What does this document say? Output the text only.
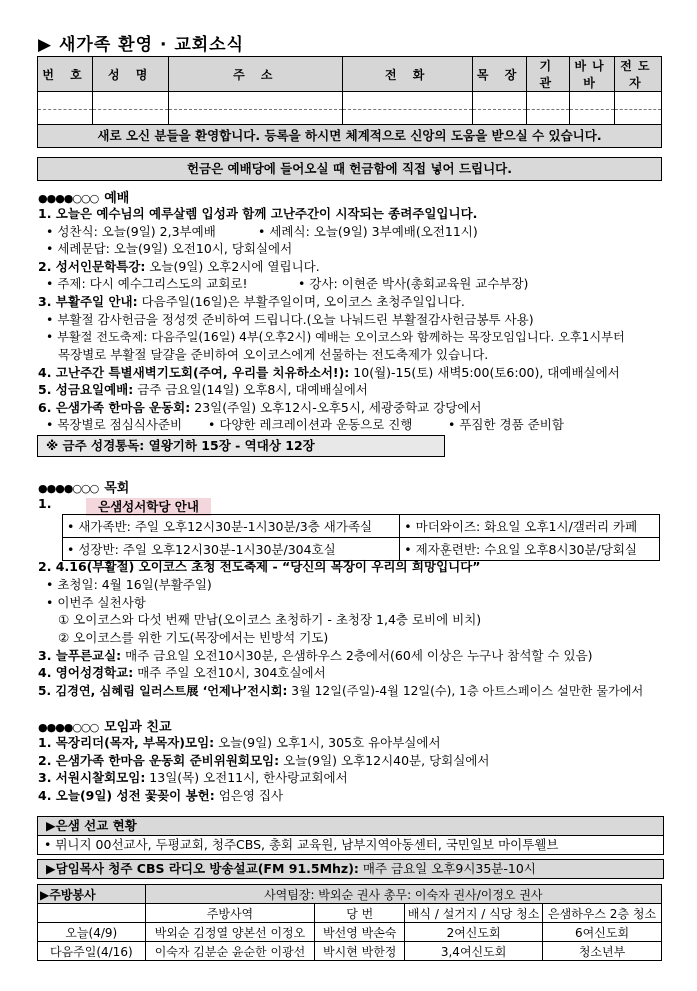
▶ 새가족 환영 · 교회소식
번 호	성 명	주 소	전 화	목 장	기 관	바나바	전도자

새로 오신 분들을 환영합니다. 등록을 하시면 체계적으로 신앙의 도움을 받으실 수 있습니다.
헌금은 예배당에 들어오실 때 헌금함에 직접 넣어 드립니다.
●●●●○○○ 예배
1. 오늘은 예수님의 예루살렘 입성과 함께 고난주간이 시작되는 종려주일입니다.
• 성찬식: 오늘(9일) 2,3부예배	• 세례식: 오늘(9일) 3부예배(오전11시)
• 세례문답: 오늘(9일) 오전10시, 당회실에서
2. 성서인문학특강: 오늘(9일) 오후2시에 열립니다.
• 주제: 다시 예수그리스도의 교회로!	• 강사: 이현준 박사(총회교육원 교수부장)
3. 부활주일 안내: 다음주일(16일)은 부활주일이며, 오이코스 초청주일입니다.
• 부활절 감사헌금을 정성껏 준비하여 드립니다.(오늘 나눠드린 부활절감사헌금봉투 사용)
• 부활절 전도축제: 다음주일(16일) 4부(오후2시) 예배는 오이코스와 함께하는 목장모임입니다. 오후1시부터
목장별로 부활절 달걀을 준비하여 오이코스에게 선물하는 전도축제가 있습니다.
4. 고난주간 특별새벽기도회(주여, 우리를 치유하소서!): 10(월)-15(토) 새벽5:00(토6:00), 대예배실에서
5. 성금요일예배: 금주 금요일(14일) 오후8시, 대예배실에서
6. 은샘가족 한마음 운동회: 23일(주일) 오후12시-오후5시, 세광중학교 강당에서
• 목장별로 점심식사준비 • 다양한 레크레이션과 운동으로 진행	• 푸짐한 경품 준비함
※ 금주 성경통독: 열왕기하 15장 - 역대상 12장
●●●●○○○ 목회
1.	은샘성서학당 안내
• 새가족반: 주일 오후12시30분-1시30분/3층 새가족실	• 마더와이즈: 화요일 오후1시/갤러리 카페
• 성장반: 주일 오후12시30분-1시30분/304호실	• 제자훈련반: 수요일 오후8시30분/당회실
2. 4.16(부활절) 오이코스 초청 전도축제 - “당신의 목장이 우리의 희망입니다”
• 초청일: 4월 16일(부활주일)
• 이번주 실천사항
① 오이코스와 다섯 번째 만남(오이코스 초청하기 - 초청장 1,4층 로비에 비치)
② 오이코스를 위한 기도(목장에서는 빈방석 기도)
3. 늘푸른교실: 매주 금요일 오전10시30분, 은샘하우스 2층에서(60세 이상은 누구나 참석할 수 있음)
4. 영어성경학교: 매주 주일 오전10시, 304호실에서
5. 김경연, 심혜림 일러스트展 ‘언제나’전시회: 3월 12일(주일)-4월 12일(수), 1층 아트스페이스 설만한 물가에서
●●●●○○○ 모임과 친교
1. 목장리더(목자, 부목자)모임: 오늘(9일) 오후1시, 305호 유아부실에서
2. 은샘가족 한마음 운동회 준비위원회모임: 오늘(9일) 오후12시40분, 당회실에서
3. 서원시찰회모임: 13일(목) 오전11시, 한사랑교회에서
4. 오늘(9일) 성전 꽃꽂이 봉헌: 엄은영 집사
▶은샘 선교 현황
• 뮈니지 00선교사, 두평교회, 청주CBS, 총회 교육원, 남부지역아동센터, 국민일보 마이투웰브
▶담임목사 청주 CBS 라디오 방송설교(FM 91.5Mhz): 매주 금요일 오후9시35분-10시
▶주방봉사	사역팀장: 박외순 권사 총무: 이숙자 권사/이정오 권사			
	주방사역	당 번	배식 / 설거지 / 식당 청소	은샘하우스 2층 청소
오늘(4/9)	박외순 김정열 양본선 이정오	박선영 박손숙	2여신도회	6여신도회
다음주일(4/16)	이숙자 김분순 윤순한 이광선	박시현 박한정	3,4여신도회	청소년부
